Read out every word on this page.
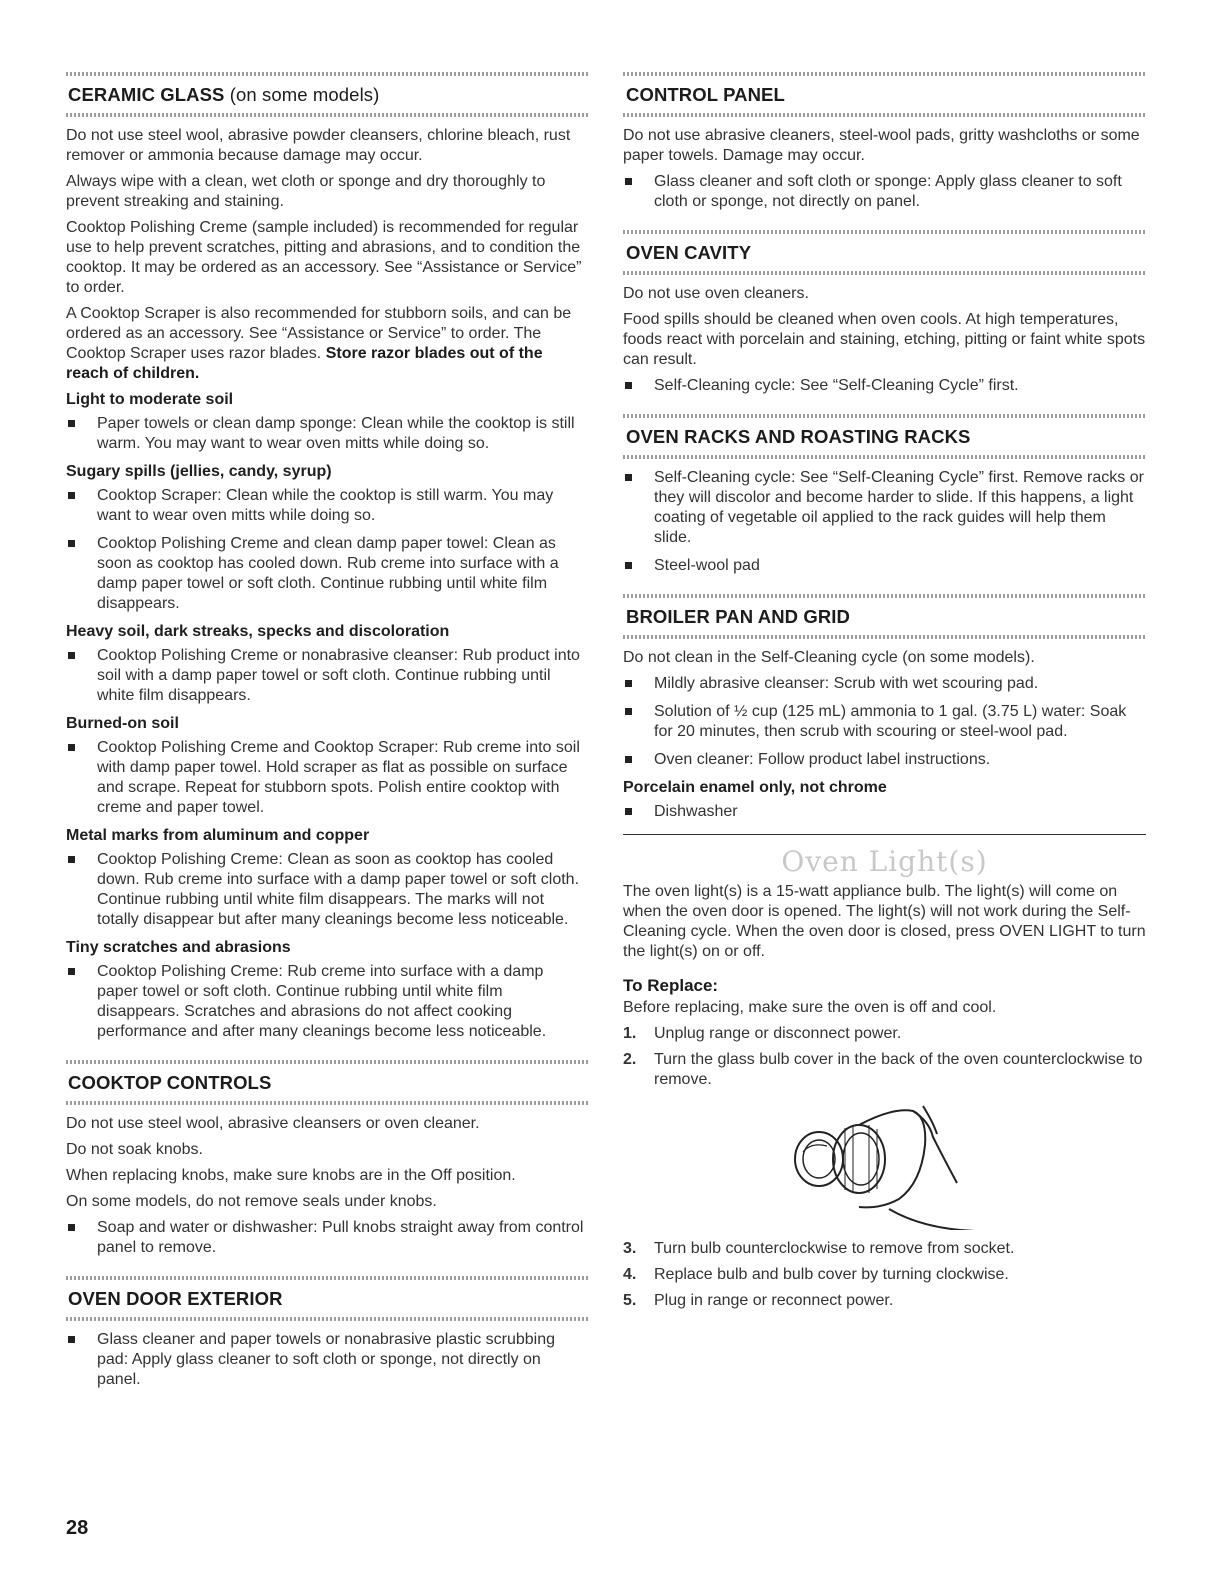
CERAMIC GLASS (on some models)

Do not use steel wool, abrasive powder cleansers, chlorine bleach, rust remover or ammonia because damage may occur.

Always wipe with a clean, wet cloth or sponge and dry thoroughly to prevent streaking and staining.

Cooktop Polishing Creme (sample included) is recommended for regular use to help prevent scratches, pitting and abrasions, and to condition the cooktop. It may be ordered as an accessory. See “Assistance or Service” to order.

A Cooktop Scraper is also recommended for stubborn soils, and can be ordered as an accessory. See “Assistance or Service” to order. The Cooktop Scraper uses razor blades. Store razor blades out of the reach of children.

Light to moderate soil
Paper towels or clean damp sponge: Clean while the cooktop is still warm. You may want to wear oven mitts while doing so.
Sugary spills (jellies, candy, syrup)
Cooktop Scraper: Clean while the cooktop is still warm. You may want to wear oven mitts while doing so.
Cooktop Polishing Creme and clean damp paper towel: Clean as soon as cooktop has cooled down. Rub creme into surface with a damp paper towel or soft cloth. Continue rubbing until white film disappears.
Heavy soil, dark streaks, specks and discoloration
Cooktop Polishing Creme or nonabrasive cleanser: Rub product into soil with a damp paper towel or soft cloth. Continue rubbing until white film disappears.
Burned-on soil
Cooktop Polishing Creme and Cooktop Scraper: Rub creme into soil with damp paper towel. Hold scraper as flat as possible on surface and scrape. Repeat for stubborn spots. Polish entire cooktop with creme and paper towel.
Metal marks from aluminum and copper
Cooktop Polishing Creme: Clean as soon as cooktop has cooled down. Rub creme into surface with a damp paper towel or soft cloth. Continue rubbing until white film disappears. The marks will not totally disappear but after many cleanings become less noticeable.
Tiny scratches and abrasions
Cooktop Polishing Creme: Rub creme into surface with a damp paper towel or soft cloth. Continue rubbing until white film disappears. Scratches and abrasions do not affect cooking performance and after many cleanings become less noticeable.
COOKTOP CONTROLS

Do not use steel wool, abrasive cleansers or oven cleaner.

Do not soak knobs.

When replacing knobs, make sure knobs are in the Off position.

On some models, do not remove seals under knobs.

Soap and water or dishwasher: Pull knobs straight away from control panel to remove.
OVEN DOOR EXTERIOR
Glass cleaner and paper towels or nonabrasive plastic scrubbing pad: Apply glass cleaner to soft cloth or sponge, not directly on panel.
CONTROL PANEL

Do not use abrasive cleaners, steel-wool pads, gritty washcloths or some paper towels. Damage may occur.

Glass cleaner and soft cloth or sponge: Apply glass cleaner to soft cloth or sponge, not directly on panel.
OVEN CAVITY

Do not use oven cleaners.

Food spills should be cleaned when oven cools. At high temperatures, foods react with porcelain and staining, etching, pitting or faint white spots can result.

Self-Cleaning cycle: See “Self-Cleaning Cycle” first.
OVEN RACKS AND ROASTING RACKS
Self-Cleaning cycle: See “Self-Cleaning Cycle” first. Remove racks or they will discolor and become harder to slide. If this happens, a light coating of vegetable oil applied to the rack guides will help them slide.
Steel-wool pad
BROILER PAN AND GRID

Do not clean in the Self-Cleaning cycle (on some models).

Mildly abrasive cleanser: Scrub with wet scouring pad.
Solution of ½ cup (125 mL) ammonia to 1 gal. (3.75 L) water: Soak for 20 minutes, then scrub with scouring or steel-wool pad.
Oven cleaner: Follow product label instructions.
Porcelain enamel only, not chrome
Dishwasher
Oven Light(s)

The oven light(s) is a 15-watt appliance bulb. The light(s) will come on when the oven door is opened. The light(s) will not work during the Self-Cleaning cycle. When the oven door is closed, press OVEN LIGHT to turn the light(s) on or off.

To Replace:

Before replacing, make sure the oven is off and cool.

1. Unplug range or disconnect power.
2. Turn the glass bulb cover in the back of the oven counterclockwise to remove.
3. Turn bulb counterclockwise to remove from socket.
4. Replace bulb and bulb cover by turning clockwise.
5. Plug in range or reconnect power.
28
